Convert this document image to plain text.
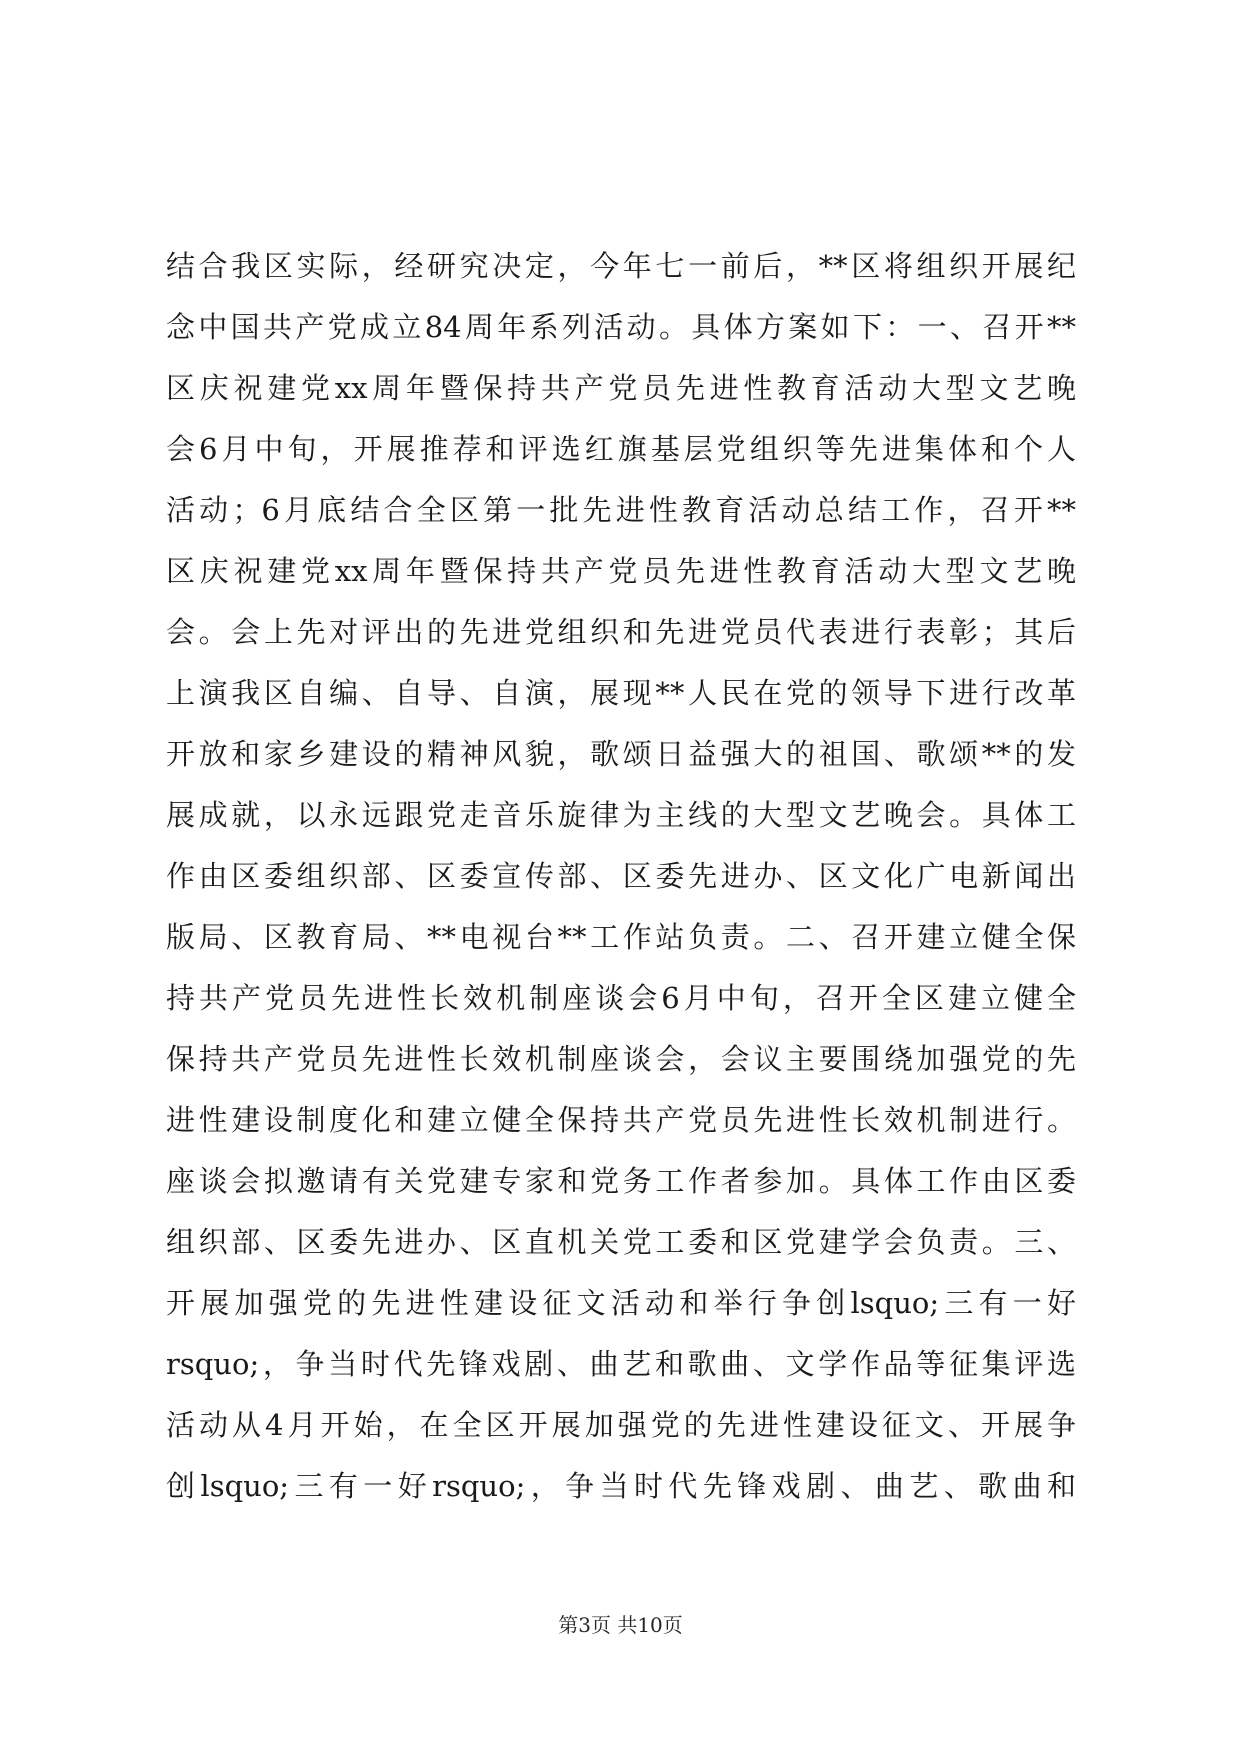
结合我区实际，经研究决定，今年七一前后，**区将组织开展纪
念中国共产党成立84周年系列活动。具体方案如下：一、召开**
区庆祝建党xx周年暨保持共产党员先进性教育活动大型文艺晚
会6月中旬，开展推荐和评选红旗基层党组织等先进集体和个人
活动；6月底结合全区第一批先进性教育活动总结工作，召开**
区庆祝建党xx周年暨保持共产党员先进性教育活动大型文艺晚
会。会上先对评出的先进党组织和先进党员代表进行表彰；其后
上演我区自编、自导、自演，展现**人民在党的领导下进行改革
开放和家乡建设的精神风貌，歌颂日益强大的祖国、歌颂**的发
展成就，以永远跟党走音乐旋律为主线的大型文艺晚会。具体工
作由区委组织部、区委宣传部、区委先进办、区文化广电新闻出
版局、区教育局、**电视台**工作站负责。二、召开建立健全保
持共产党员先进性长效机制座谈会6月中旬，召开全区建立健全
保持共产党员先进性长效机制座谈会，会议主要围绕加强党的先
进性建设制度化和建立健全保持共产党员先进性长效机制进行。
座谈会拟邀请有关党建专家和党务工作者参加。具体工作由区委
组织部、区委先进办、区直机关党工委和区党建学会负责。三、
开展加强党的先进性建设征文活动和举行争创lsquo;三有一好
rsquo;，争当时代先锋戏剧、曲艺和歌曲、文学作品等征集评选
活动从4月开始，在全区开展加强党的先进性建设征文、开展争
创lsquo;三有一好rsquo;，争当时代先锋戏剧、曲艺、歌曲和
第3页 共10页
